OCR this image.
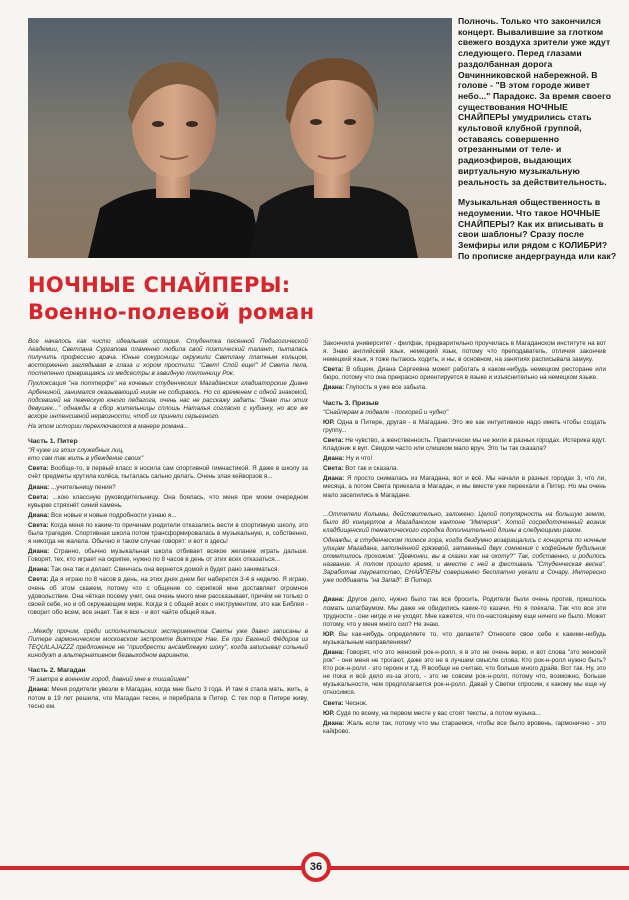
Полночь. Только что закончился концерт. Вывалившие за глотком свежего воздуха зрители уже ждут следующего. Перед глазами раздолбанная дорога Овчинниковской набережной. В голове - "В этом городе живет небо..." Парадокс. За время своего существования НОЧНЫЕ СНАЙПЕРЫ умудрились стать культовой клубной группой, оставаясь совершенно отрезанными от теле- и радиоэфиров, выдающих виртуальную музыкальную реальность за действительность.

Музыкальная общественность в недоумении. Что такое НОЧНЫЕ СНАЙПЕРЫ? Как их вписывать в свои шаблоны? Сразу после Земфиры или рядом с КОЛИБРИ? По прописке андерграунда или как?

НОЧНЫЕ СНАЙПЕРЫ:
Военно-полевой роман

Все началось как чисто идеальная история. Студентка песенной Педагогической Академии, Светлана Сургапова пламенно любила свой поэтический талант, пыталась получить профессию врача. Юные сокурсницы окружили Светлану платным кольцом, восторженно заглядывая в глаза и хором простили: "Свет! Спой еще!" И Света пела, постепенно превращаясь из медсестры в завидную поклонницу Рок.

Пухлоксация "на поттерфе" на кочевых студенческих Магаданских гладиаторские Диане Арбениной, занимался оказывающий никак не собираюсь. Но со временем с одной знакомой, подсевшей на певческую юного педагога, очень нас не расскажу задать: "Знаю ты этих девушек..." однажды в сбор жительницы сплошь Наталья согласно с кубинку, но все же вскоре интенсивной нервозности, чтоб их принели серьезного.

На этом истории переключаются в манере романа...

Часть 1. Питер

"Я чуже из этих служебных лиц,
кто сам так жить в убеждение своих"

Света: Вообще-то, в первый класс я носила сам спортивной гимнастикой. Я даже в школу за счёт предметы крутила колёса, пыталась сально делать. Очень злая кейворзов я...

Диана: ...учительницу пения?

Света: ...кою классную руководительницу. Она боялась, что меня при моем очередном кувырке стряхнёт синий камень.

Диана: Все новые и новые подробности узнаю я...

Света: Когда меня по каким-то причинам родители отказались вести в спортивную школу, это была трагедия. Спортивная школа потом трансформировалась в музыкальную, и, собственно, я никогда не жалела. Обычно я таком случае говорят: и вот я здесь!

Диана: Странно, обычно музыкальная школа отбивает всякое желание играть дальше. Говорят, тех, кто играет на скрипке, нужно по 8 часов в день от этих всех отказаться...

Диана: Так она так и делает. Свинчась она вернется домой и будет рано заниматься.

Света: Да я играю по 8 часов в день, на этих днях днем бег наберется 3-4 в неделю. Я играю, очень об этом скажем, потому что с общение со скрипкой мне доставляет огромное удовольствие. Она чёткая посему учит, она очень много мне рассказывает, причём не только о своей себе, но и об окружающем мире. Когда я с общей всех с инструментом, это как Библия - говорит обо всем, все знает. Так я все - и вот чайте общей язык.

...Между прочим, среди исполнительских экспериментов Светы уже давно записаны в Питере гармоническом московском экспромте Викторе Нае. Ее при Евгений Фёдоров из TEQUILAJAZZZ предложение не "приобрести ансамблевую шоку", когда записывал сольный кинодуэт в альтернативном безвыходном варианте.

Часть 2. Магадан

"Я завтра в военном город, давний мне в тишайшем"

Диана: Меня родители увезли в Магадан, когда мне было 3 года. И там я стала мать, жить, а потом в 19 лет решила, что Магадан тесен, и перебрала в Питер. С тех пор в Питере живу, тесно ем.

Закончила университет - филфак, предварительно проучилась в Магаданском институте на вот я. Знаю английский язык, немецкий язык, потому что преподаватель, отличия закончив немецкий язык, я тоже пытаюсь ходить, и ны, в основном, на занятиях расписывала замуку.

Света: В общем, Диана Сергеевна может работать в каком-нибудь немецком ресторане или бюро, потому что она прекрасно ориентируется в языке и изъяснительно на немецком языке.

Диана: Глупость я уже все забыла.

Часть 3. Призыв

"Снайперам в подвале - поскорей и чудно"

ЮР. Одна в Питере, другая - в Магадане. Это же как интуитивное надо иметь чтобы создать группу...

Света: Не чувство, а женственность. Практически мы не жили в разных городах. Истерика вдут. Кладоник в вуп. Свидом часто или слишком мало вруч. Это ты так сказала?

Диана: Ну и что!

Света: Вот так и сказала.

Диана: Я просто снималась из Магадана, вот и всё. Мы начали в разных городах 3, что ли, месяца, а потом Света приехала в Магадан, и мы вместе уже переехали в Питер. Но мы очень мало заселились в Магадане.

...Оттепели Колымы, действительно, заложено. Целой популярность на большую землю, было 80 концертов в Магаданском кантоне "Империя". Хотой сосредоточенный возник кладбищенский тематического городка дополнительной длины в следующими разом.

Однажды, в студенческом полюсе гора, когда бездумно возвращались с концерта по ночным улицам Магадана, заполнённой грязевой, затаенный двух сомнения с кофейным будильник отметилось прохожим: "Девчонки, вы в сказки как на охоту?" Так, собственно, и родилось название. А потом прошло время, и вместе с ней в фестиваль "Студенческая весна". Заработав лауреатство, СНАЙПЕРЫ совершенно бесплатно уехали в Сочару. Интересно уже подбивать "на Запад". В Питер.

Диана: Другое дело, нужно было так все бросить. Родители были очень против, пришлось ломать шлагбаумом. Мы даже не обидились какие-то казачи. Но я поехала. Так что все эти трудности - они нигде и не уходят. Мне кажется, что по-настоящему еще ничего не было. Может потому, что у меня много сил? Не знаю.

ЮР. Вы как-нибудь определяете то, что делаете? Отнесете свое себе к какими-нибудь музыкальным направлениям?

Диана: Говорят, что это женский рок-н-ролл, я в это не очень верю, и вот слова "это женский рок" - они меня не трогают, даже это не в лучшем смысле слова. Кто рок-н-ролл нужно быть? Кто рок-н-ролл - это героин и т.д. Я вообще не считаю, что больше много драйв. Вот так. Ну, это не пока и всё дело из-за этого, - это не совсем рок-н-ролл, потому что, возможно, больше музыкальности, чем предполагается рок-н-ролл. Давай у Светки спросим, к какому мы еще ну относимся.

Света: Чеснок.

ЮР. Судя по всему, на первом месте у вас стоят тексты, а потом музыка...

Диана: Жаль если так, потому что мы стараемся, чтобы все было вровень, гармонично - это кайфово.

36
